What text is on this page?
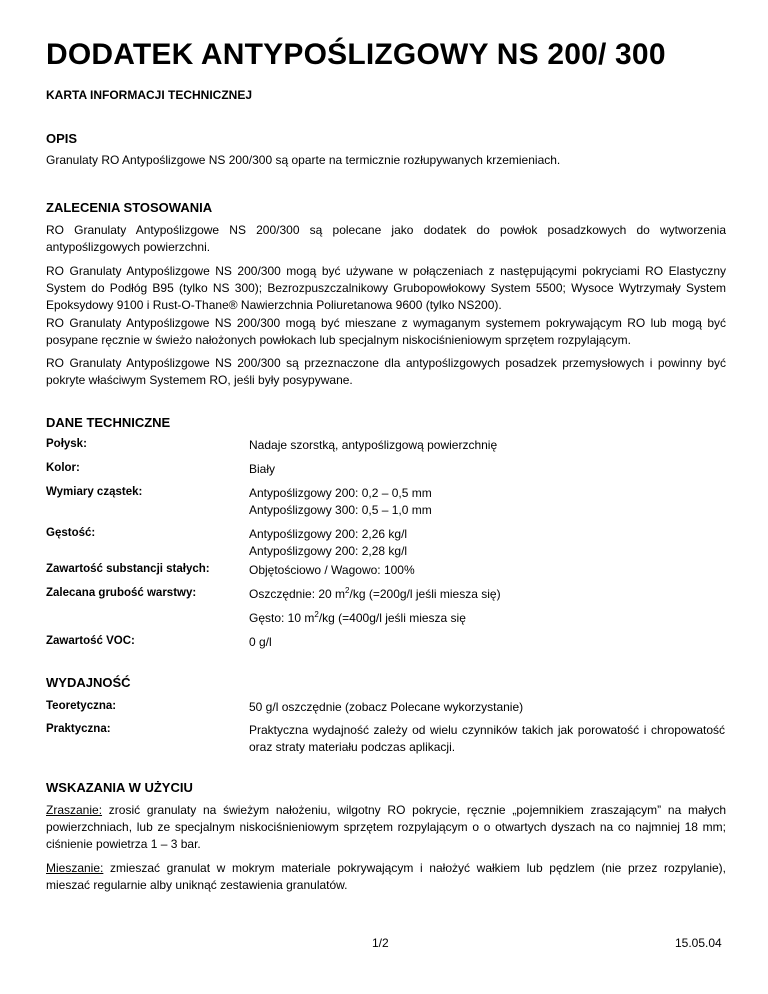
DODATEK ANTYPOŚLIZGOWY NS 200/ 300
KARTA INFORMACJI TECHNICZNEJ
OPIS
Granulaty RO Antypoślizgowe NS 200/300 są oparte na termicznie rozłupywanych krzemieniach.
ZALECENIA STOSOWANIA
RO Granulaty Antypoślizgowe NS 200/300 są polecane jako dodatek do powłok posadzkowych do wytworzenia antypoślizgowych powierzchni.
RO Granulaty Antypoślizgowe NS 200/300 mogą być używane w połączeniach z następującymi pokryciami RO Elastyczny System do Podłóg B95 (tylko NS 300); Bezrozpuszczalnikowy Grubopowłokowy System 5500; Wysoce Wytrzymały System Epoksydowy 9100 i Rust-O-Thane® Nawierzchnia Poliuretanowa 9600 (tylko NS200).
RO Granulaty Antypoślizgowe NS 200/300 mogą być mieszane z wymaganym systemem pokrywającym RO lub mogą być posypane ręcznie w świeżo nałożonych powłokach lub specjalnym niskociśnieniowym sprzętem rozpylającym.
RO Granulaty Antypoślizgowe NS 200/300 są przeznaczone dla antypoślizgowych posadzek przemysłowych i powinny być pokryte właściwym Systemem RO, jeśli były posypywane.
DANE TECHNICZNE
Połysk:	Nadaje szorstką, antypoślizgową powierzchnię
Kolor:	Biały
Wymiary cząstek:	Antypoślizgowy 200: 0,2 – 0,5 mm
Antypoślizgowy 300: 0,5 – 1,0 mm
Gęstość:	Antypoślizgowy 200: 2,26 kg/l
Antypoślizgowy 200: 2,28 kg/l
Zawartość substancji stałych:	Objętościowo / Wagowo: 100%
Zalecana grubość warstwy:	Oszczędnie: 20 $m^2/kg$ (=200g/l jeśli miesza się)
Gęsto: 10 $m^2/kg$ (=400g/l jeśli miesza się
Zawartość VOC:	0 g/l
WYDAJNOŚĆ
Teoretyczna:	50 g/l oszczędnie (zobacz Polecane wykorzystanie)
Praktyczna:	Praktyczna wydajność zależy od wielu czynników takich jak porowatość i chropowatość oraz straty materiału podczas aplikacji.
WSKAZANIA W UŻYCIU
Zraszanie: zrosić granulaty na świeżym nałożeniu, wilgotny RO pokrycie, ręcznie „pojemnikiem zraszającym” na małych powierzchniach, lub ze specjalnym niskociśnieniowym sprzętem rozpylającym o o otwartych dyszach na co najmniej 18 mm; ciśnienie powietrza 1 – 3 bar.
Mieszanie: zmieszać granulat w mokrym materiale pokrywającym i nałożyć wałkiem lub pędzlem (nie przez rozpylanie), mieszać regularnie alby uniknąć zestawienia granulatów.
1/2	15.05.04
